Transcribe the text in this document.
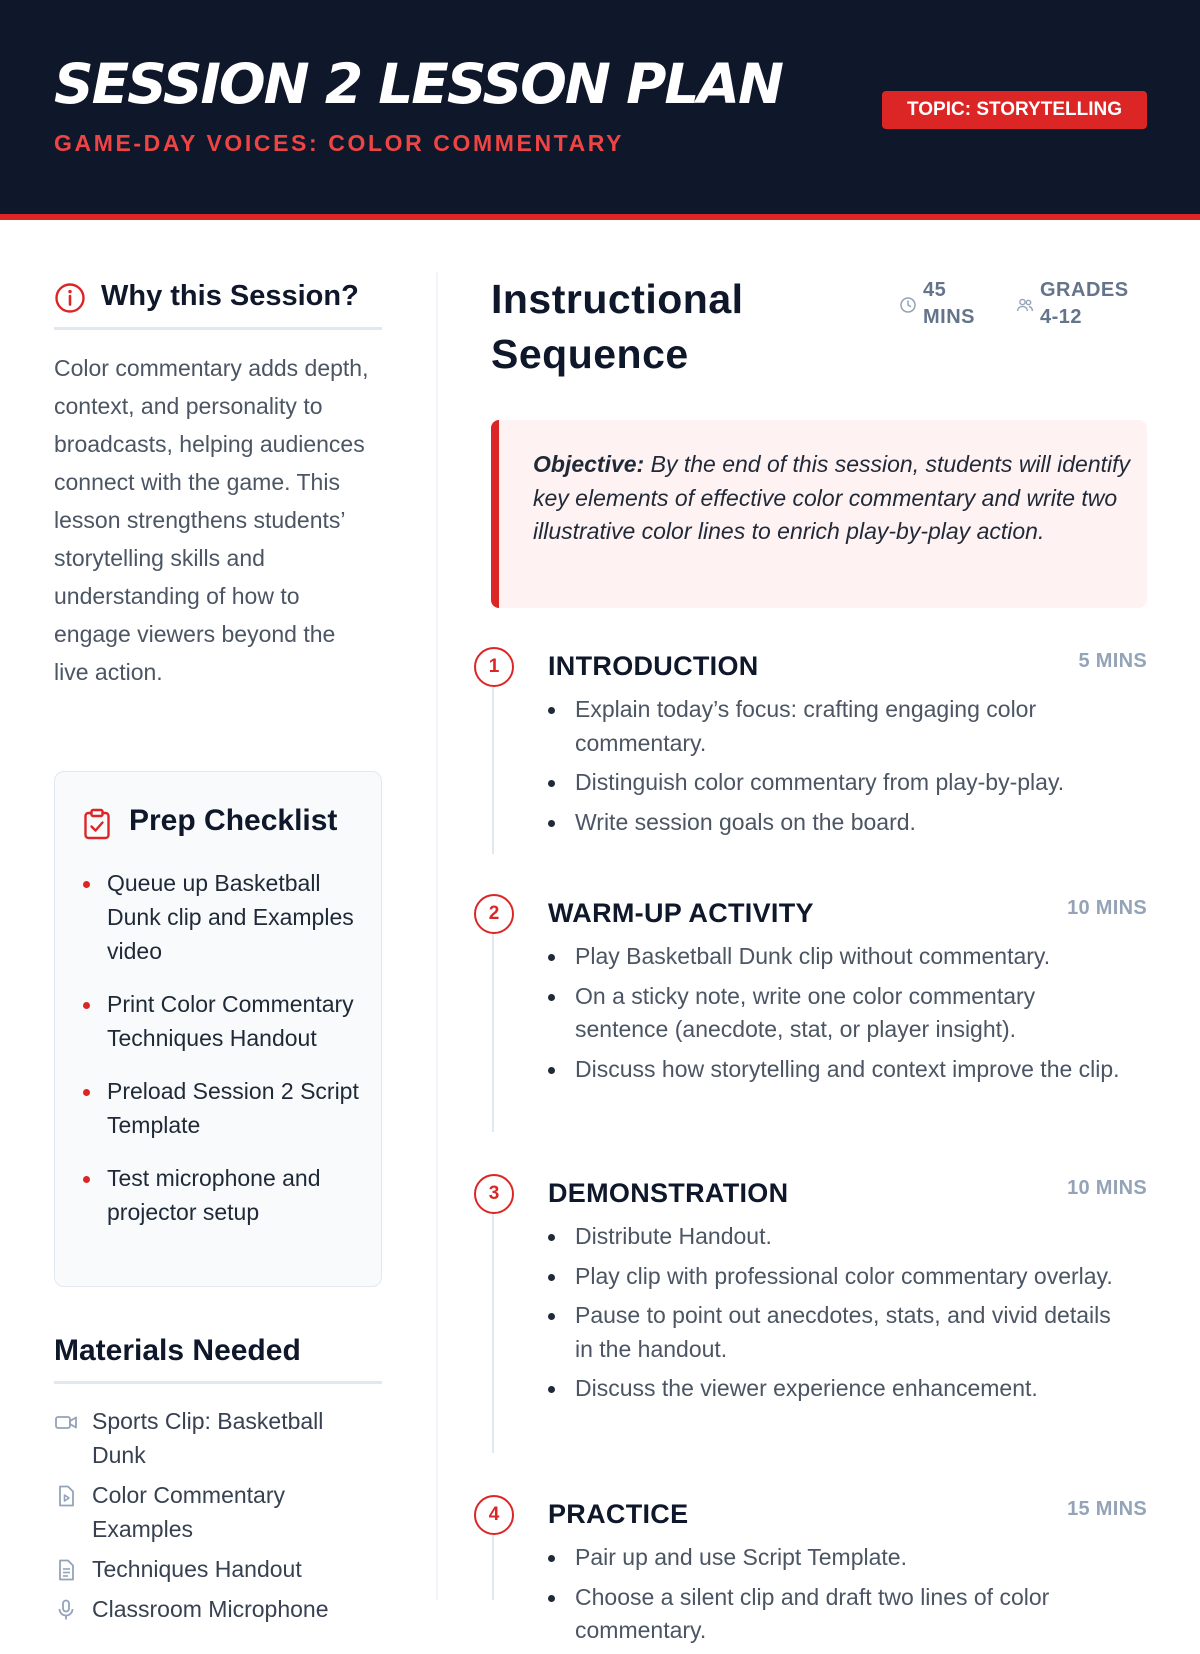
SESSION 2 LESSON PLAN
GAME-DAY VOICES: COLOR COMMENTARY
TOPIC: STORYTELLING
Why this Session?

Color commentary adds depth, context, and personality to broadcasts, helping audiences connect with the game. This lesson strengthens students’ storytelling skills and understanding of how to engage viewers beyond the live action.

Prep Checklist
Queue up Basketball Dunk clip and Examples video
Print Color Commentary Techniques Handout
Preload Session 2 Script Template
Test microphone and projector setup
Materials Needed
Sports Clip: Basketball Dunk
Color Commentary Examples
Techniques Handout
Classroom Microphone
Instructional Sequence
45
MINS
GRADES
4-12

Objective: By the end of this session, students will identify key elements of effective color commentary and write two illustrative color lines to enrich play-by-play action.

1	INTRODUCTION	5 MINS
Explain today’s focus: crafting engaging color commentary.
Distinguish color commentary from play-by-play.
Write session goals on the board.
2	WARM-UP ACTIVITY	10 MINS
Play Basketball Dunk clip without commentary.
On a sticky note, write one color commentary sentence (anecdote, stat, or player insight).
Discuss how storytelling and context improve the clip.
3	DEMONSTRATION	10 MINS
Distribute Handout.
Play clip with professional color commentary overlay.
Pause to point out anecdotes, stats, and vivid details in the handout.
Discuss the viewer experience enhancement.
4	PRACTICE	15 MINS
Pair up and use Script Template.
Choose a silent clip and draft two lines of color commentary.
